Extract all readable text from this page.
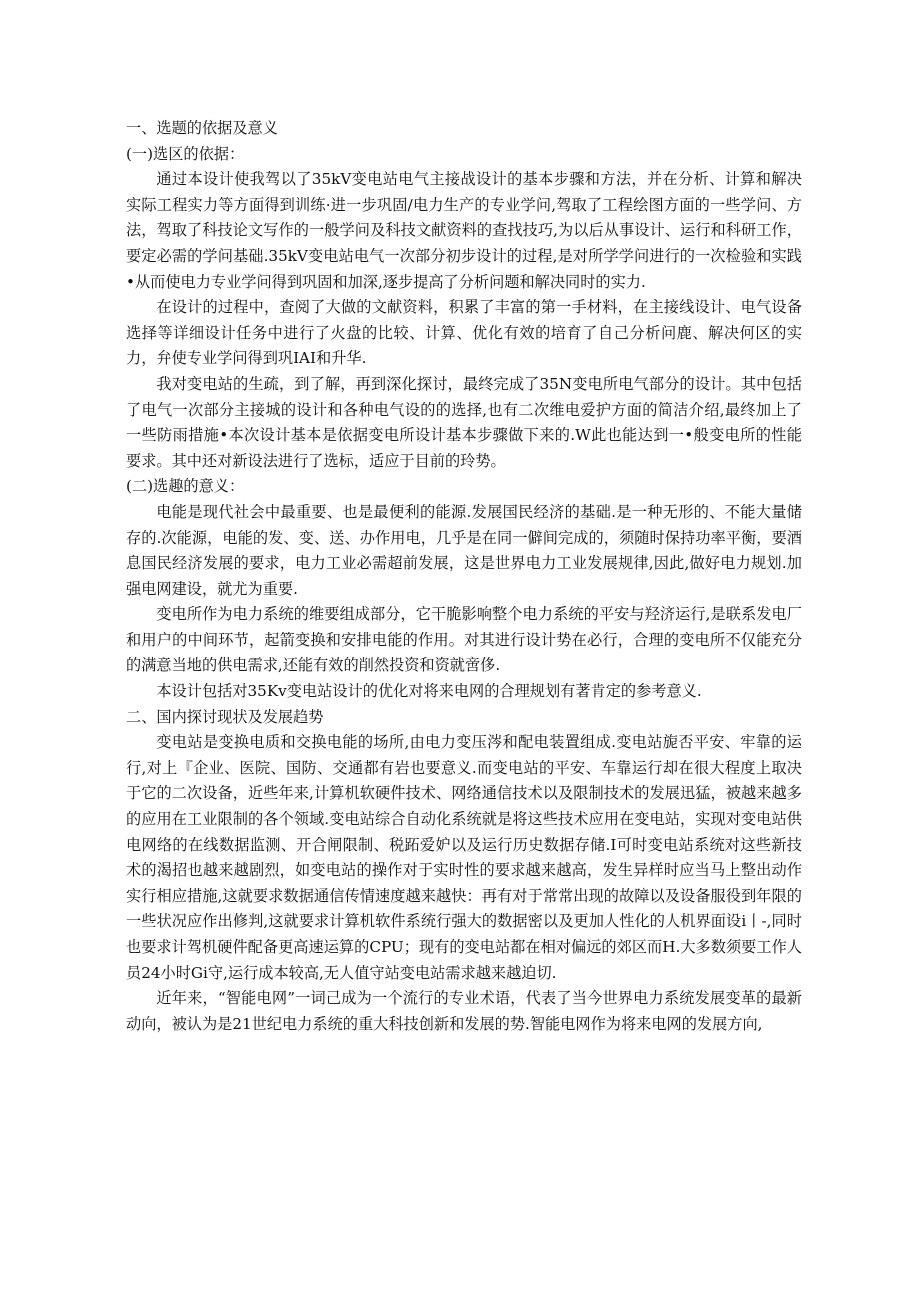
一、选题的依据及意义
(一)选区的依据：

通过本设计使我驾以了35kV变电站电气主接战设计的基本步骤和方法，并在分析、计算和解决实际工程实力等方面得到训练·进一步巩固/电力生产的专业学问,驾取了工程绘图方面的一些学问、方法，驾取了科技论文写作的一般学问及科技文献资料的查找技巧,为以后从事设计、运行和科研工作，要定必需的学问基础.35kV变电站电气一次部分初步设计的过程,是对所学学问进行的一次检验和实践•从而使电力专业学问得到巩固和加深,逐步提高了分析问题和解决同时的实力.

在设计的过程中，查阅了大做的文献资料，积累了丰富的第一手材料，在主接线设计、电气设备选择等详细设计任务中进行了火盘的比较、计算、优化有效的培育了自己分析问鹿、解决何区的实力，弁使专业学问得到巩IAI和升华.

我对变电站的生疏，到了解，再到深化探讨，最终完成了35N变电所电气部分的设计。其中包括了电气一次部分主接城的设计和各种电气设的的选择,也有二次维电爱护方面的简洁介绍,最终加上了一些防雨措施•本次设计基本是依据变电所设计基本步骤做下来的.W此也能达到一•般变电所的性能要求。其中还对新设法进行了选标，适应于目前的玲势。

(二)选趣的意义：

电能是现代社会中最重要、也是最便利的能源.发展国民经济的基础.是一种无形的、不能大量储存的.次能源，电能的发、变、送、办作用电，几乎是在同一僻间完成的，须随时保持功率平衡，要酒息国民经济发展的要求，电力工业必需超前发展，这是世界电力工业发展规律,因此,做好电力规划.加强电网建设，就尤为重要.

变电所作为电力系统的维要组成部分，它干脆影响整个电力系统的平安与羟济运行,是联系发电厂和用户的中间环节，起箭变换和安排电能的作用。对其进行设计势在必行，合理的变电所不仅能充分的满意当地的供电需求,还能有效的削然投资和资就啻侈.

本设计包括对35Kv变电站设计的优化对将来电网的合理规划有著肯定的参考意义.

二、国内探讨现状及发展趋势

变电站是变换电质和交换电能的场所,由电力变压涔和配电装置组成.变电站旎否平安、牢靠的运行,对上『企业、医院、国防、交通都有岩也要意义.而变电站的平安、车靠运行却在很大程度上取决于它的二次设备，近些年来,计算机软硬件技术、网络通信技术以及限制技术的发展迅猛，被越来越多的应用在工业限制的各个领域.变电站综合自动化系统就是将这些技术应用在变电站，实现对变电站供电网络的在线数据监测、开合闸限制、税跖爱妒以及运行历史数据存储.I可时变电站系统对这些新技术的渴招也越来越剧烈，如变电站的操作对于实时性的要求越来越高，发生异样时应当马上整出动作实行相应措施,这就要求数据通信传情速度越来越快：再有对于常常出现的故障以及设备服役到年限的一些状况应作出修判,这就要求计算机软件系统行强大的数据密以及更加人性化的人机界面设i丨-,同时也要求计驾机硬件配备更高速运算的CPU；现有的变电站都在相对偏远的郊区而H.大多数须要工作人员24小时Gi守,运行成本较高,无人值守站变电站需求越来越迫切.

近年来，“智能电网”一词己成为一个流行的专业术语，代表了当今世界电力系统发展变革的最新动向，被认为是21世纪电力系统的重大科技创新和发展的势.智能电网作为将来电网的发展方向,
